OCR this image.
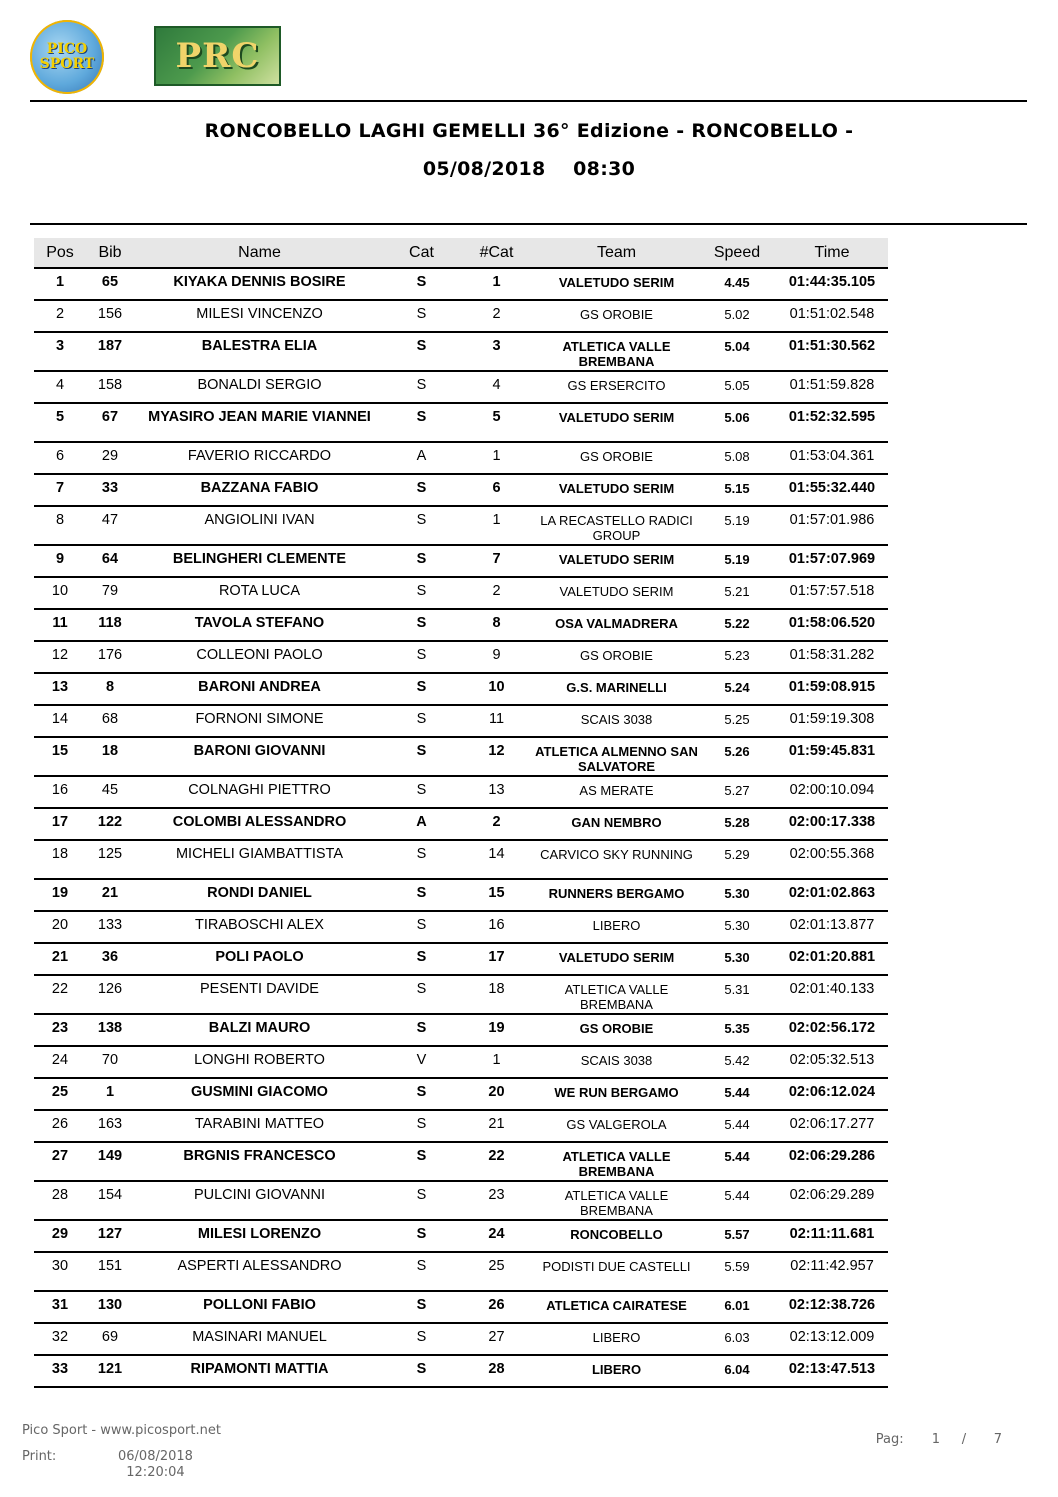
PICO
SPORT PRC
RONCOBELLO LAGHI GEMELLI 36° Edizione - RONCOBELLO -
05/08/2018    08:30
Pos	Bib	Name	Cat	#Cat	Team	Speed	Time

1	65	KIYAKA DENNIS BOSIRE	S	1	VALETUDO SERIM	4.45	01:44:35.105

2	156	MILESI VINCENZO	S	2	GS OROBIE	5.02	01:51:02.548

3	187	BALESTRA ELIA	S	3	ATLETICA VALLE BREMBANA	5.04	01:51:30.562

4	158	BONALDI SERGIO	S	4	GS ERSERCITO	5.05	01:51:59.828

5	67	MYASIRO JEAN MARIE VIANNEI	S	5	VALETUDO SERIM	5.06	01:52:32.595

6	29	FAVERIO RICCARDO	A	1	GS OROBIE	5.08	01:53:04.361

7	33	BAZZANA FABIO	S	6	VALETUDO SERIM	5.15	01:55:32.440

8	47	ANGIOLINI IVAN	S	1	LA RECASTELLO RADICI GROUP	5.19	01:57:01.986

9	64	BELINGHERI CLEMENTE	S	7	VALETUDO SERIM	5.19	01:57:07.969

10	79	ROTA LUCA	S	2	VALETUDO SERIM	5.21	01:57:57.518

11	118	TAVOLA STEFANO	S	8	OSA VALMADRERA	5.22	01:58:06.520

12	176	COLLEONI PAOLO	S	9	GS OROBIE	5.23	01:58:31.282

13	8	BARONI ANDREA	S	10	G.S. MARINELLI	5.24	01:59:08.915

14	68	FORNONI SIMONE	S	11	SCAIS 3038	5.25	01:59:19.308

15	18	BARONI GIOVANNI	S	12	ATLETICA ALMENNO SAN SALVATORE	5.26	01:59:45.831

16	45	COLNAGHI PIETTRO	S	13	AS MERATE	5.27	02:00:10.094

17	122	COLOMBI ALESSANDRO	A	2	GAN NEMBRO	5.28	02:00:17.338

18	125	MICHELI GIAMBATTISTA	S	14	CARVICO SKY RUNNING	5.29	02:00:55.368

19	21	RONDI DANIEL	S	15	RUNNERS BERGAMO	5.30	02:01:02.863

20	133	TIRABOSCHI ALEX	S	16	LIBERO	5.30	02:01:13.877

21	36	POLI PAOLO	S	17	VALETUDO SERIM	5.30	02:01:20.881

22	126	PESENTI DAVIDE	S	18	ATLETICA VALLE BREMBANA	5.31	02:01:40.133

23	138	BALZI MAURO	S	19	GS OROBIE	5.35	02:02:56.172

24	70	LONGHI ROBERTO	V	1	SCAIS 3038	5.42	02:05:32.513

25	1	GUSMINI GIACOMO	S	20	WE RUN BERGAMO	5.44	02:06:12.024

26	163	TARABINI MATTEO	S	21	GS VALGEROLA	5.44	02:06:17.277

27	149	BRGNIS FRANCESCO	S	22	ATLETICA VALLE BREMBANA	5.44	02:06:29.286

28	154	PULCINI GIOVANNI	S	23	ATLETICA VALLE BREMBANA	5.44	02:06:29.289

29	127	MILESI LORENZO	S	24	RONCOBELLO	5.57	02:11:11.681

30	151	ASPERTI ALESSANDRO	S	25	PODISTI DUE CASTELLI	5.59	02:11:42.957

31	130	POLLONI FABIO	S	26	ATLETICA CAIRATESE	6.01	02:12:38.726

32	69	MASINARI MANUEL	S	27	LIBERO	6.03	02:13:12.009

33	121	RIPAMONTI MATTIA	S	28	LIBERO	6.04	02:13:47.513
Pico Sport - www.picosport.net
Print:	06/08/2018
12:20:04
Pag:	1	/	7
